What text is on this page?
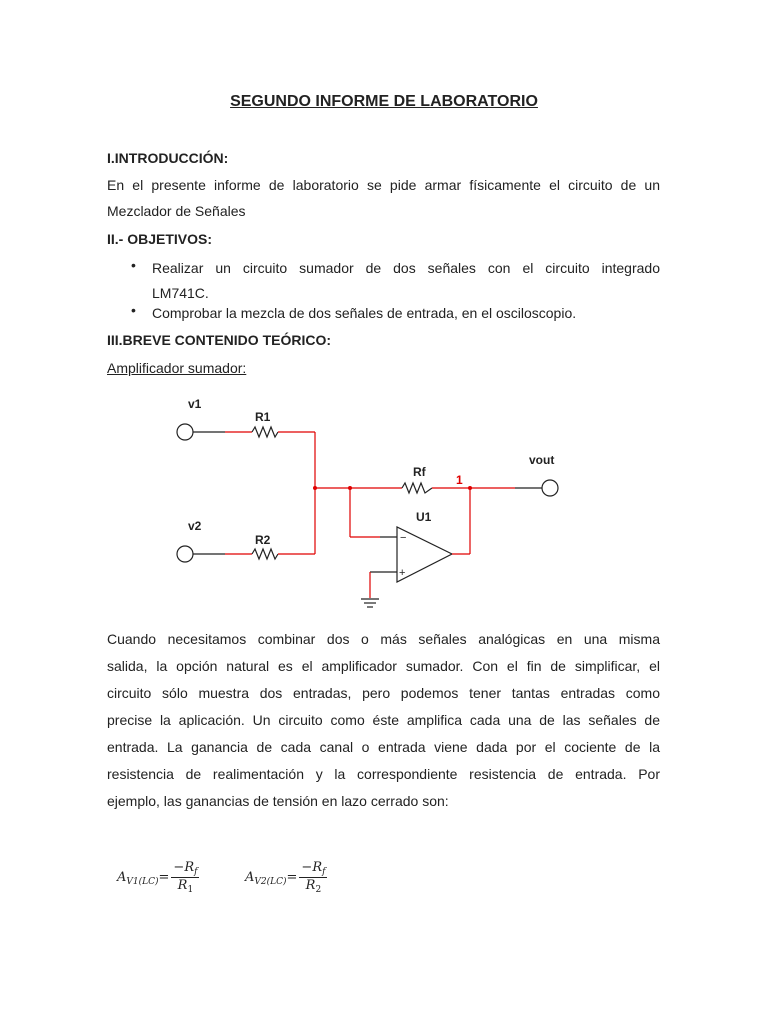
SEGUNDO INFORME DE LABORATORIO

I.INTRODUCCIÓN:

En el presente informe de laboratorio se pide armar físicamente el circuito de un

Mezclador de Señales

II.- OBJETIVOS:

• Realizar un circuito sumador de dos señales con el circuito integrado

LM741C.

• Comprobar la mezcla de dos señales de entrada, en el osciloscopio.

III.BREVE CONTENIDO TEÓRICO:

Amplificador sumador:

v1
R1
v2
R2
Rf
1
vout
U1
−
+

Cuando necesitamos combinar dos o más señales analógicas en una misma

salida, la opción natural es el amplificador sumador. Con el fin de simplificar, el

circuito sólo muestra dos entradas, pero podemos tener tantas entradas como

precise la aplicación. Un circuito como éste amplifica cada una de las señales de

entrada. La ganancia de cada canal o entrada viene dada por el cociente de la

resistencia de realimentación y la correspondiente resistencia de entrada. Por

ejemplo, las ganancias de tensión en lazo cerrado son:

$A_{V1(LC)}= \frac{-R_f}{R_1}$	$A_{V2(LC)}= \frac{-R_f}{R_2}$
